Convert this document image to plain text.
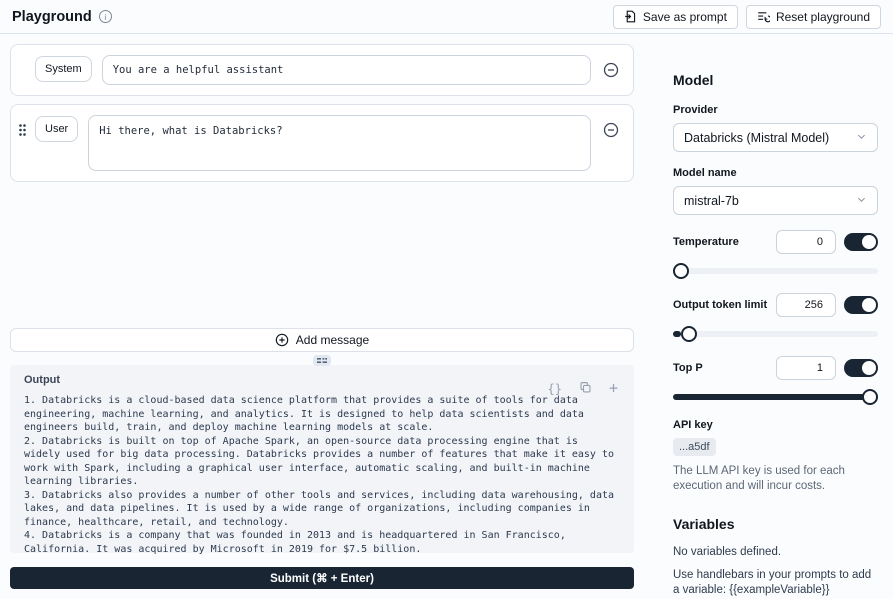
Playground	i	Save as prompt	Reset playground
System
You are a helpful assistant
User
Hi there, what is Databricks?
Add message
Output
{}	+
1. Databricks is a cloud-based data science platform that provides a suite of tools for data engineering, machine learning, and analytics. It is designed to help data scientists and data engineers build, train, and deploy machine learning models at scale.
2. Databricks is built on top of Apache Spark, an open-source data processing engine that is widely used for big data processing. Databricks provides a number of features that make it easy to work with Spark, including a graphical user interface, automatic scaling, and built-in machine learning libraries.
3. Databricks also provides a number of other tools and services, including data warehousing, data lakes, and data pipelines. It is used by a wide range of organizations, including companies in finance, healthcare, retail, and technology.
4. Databricks is a company that was founded in 2013 and is headquartered in San Francisco, California. It was acquired by Microsoft in 2019 for $7.5 billion.
Submit (⌘ + Enter)
Model
Provider
Databricks (Mistral Model)
Model name
mistral-7b
Temperature
0
Output token limit
256
Top P
1
API key
...a5df
The LLM API key is used for each execution and will incur costs.
Variables
No variables defined.
Use handlebars in your prompts to add a variable: {{exampleVariable}}
